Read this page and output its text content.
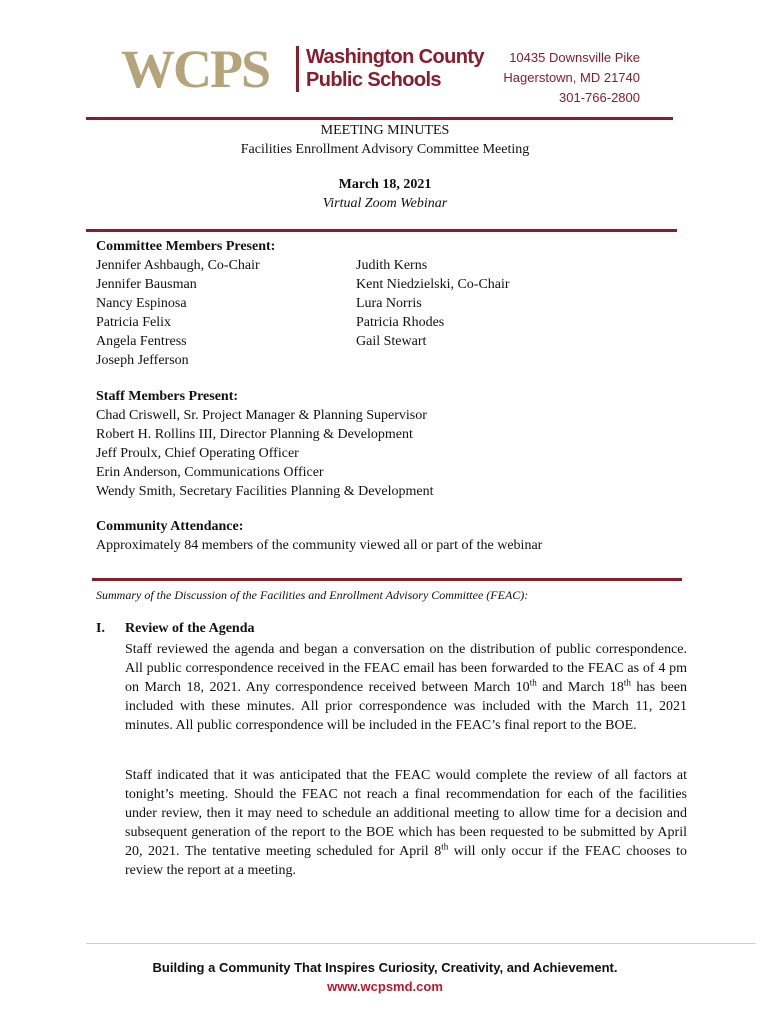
WCPS Washington County
Public Schools
10435 Downsville Pike
Hagerstown, MD 21740
301-766-2800
MEETING MINUTES
Facilities Enrollment Advisory Committee Meeting
March 18, 2021
Virtual Zoom Webinar
Committee Members Present:
Jennifer Ashbaugh, Co-Chair
Jennifer Bausman
Nancy Espinosa
Patricia Felix
Angela Fentress
Joseph Jefferson
Judith Kerns
Kent Niedzielski, Co-Chair
Lura Norris
Patricia Rhodes
Gail Stewart
Staff Members Present:
Chad Criswell, Sr. Project Manager & Planning Supervisor
Robert H. Rollins III, Director Planning & Development
Jeff Proulx, Chief Operating Officer
Erin Anderson, Communications Officer
Wendy Smith, Secretary Facilities Planning & Development
Community Attendance:
Approximately 84 members of the community viewed all or part of the webinar
Summary of the Discussion of the Facilities and Enrollment Advisory Committee (FEAC):
I. Review of the Agenda
Staff reviewed the agenda and began a conversation on the distribution of public correspondence. All public correspondence received in the FEAC email has been forwarded to the FEAC as of 4 pm on March 18, 2021. Any correspondence received between March 10th and March 18th has been included with these minutes. All prior correspondence was included with the March 11, 2021 minutes. All public correspondence will be included in the FEAC’s final report to the BOE.
Staff indicated that it was anticipated that the FEAC would complete the review of all factors at tonight’s meeting. Should the FEAC not reach a final recommendation for each of the facilities under review, then it may need to schedule an additional meeting to allow time for a decision and subsequent generation of the report to the BOE which has been requested to be submitted by April 20, 2021. The tentative meeting scheduled for April 8th will only occur if the FEAC chooses to review the report at a meeting.
Building a Community That Inspires Curiosity, Creativity, and Achievement.
www.wcpsmd.com
